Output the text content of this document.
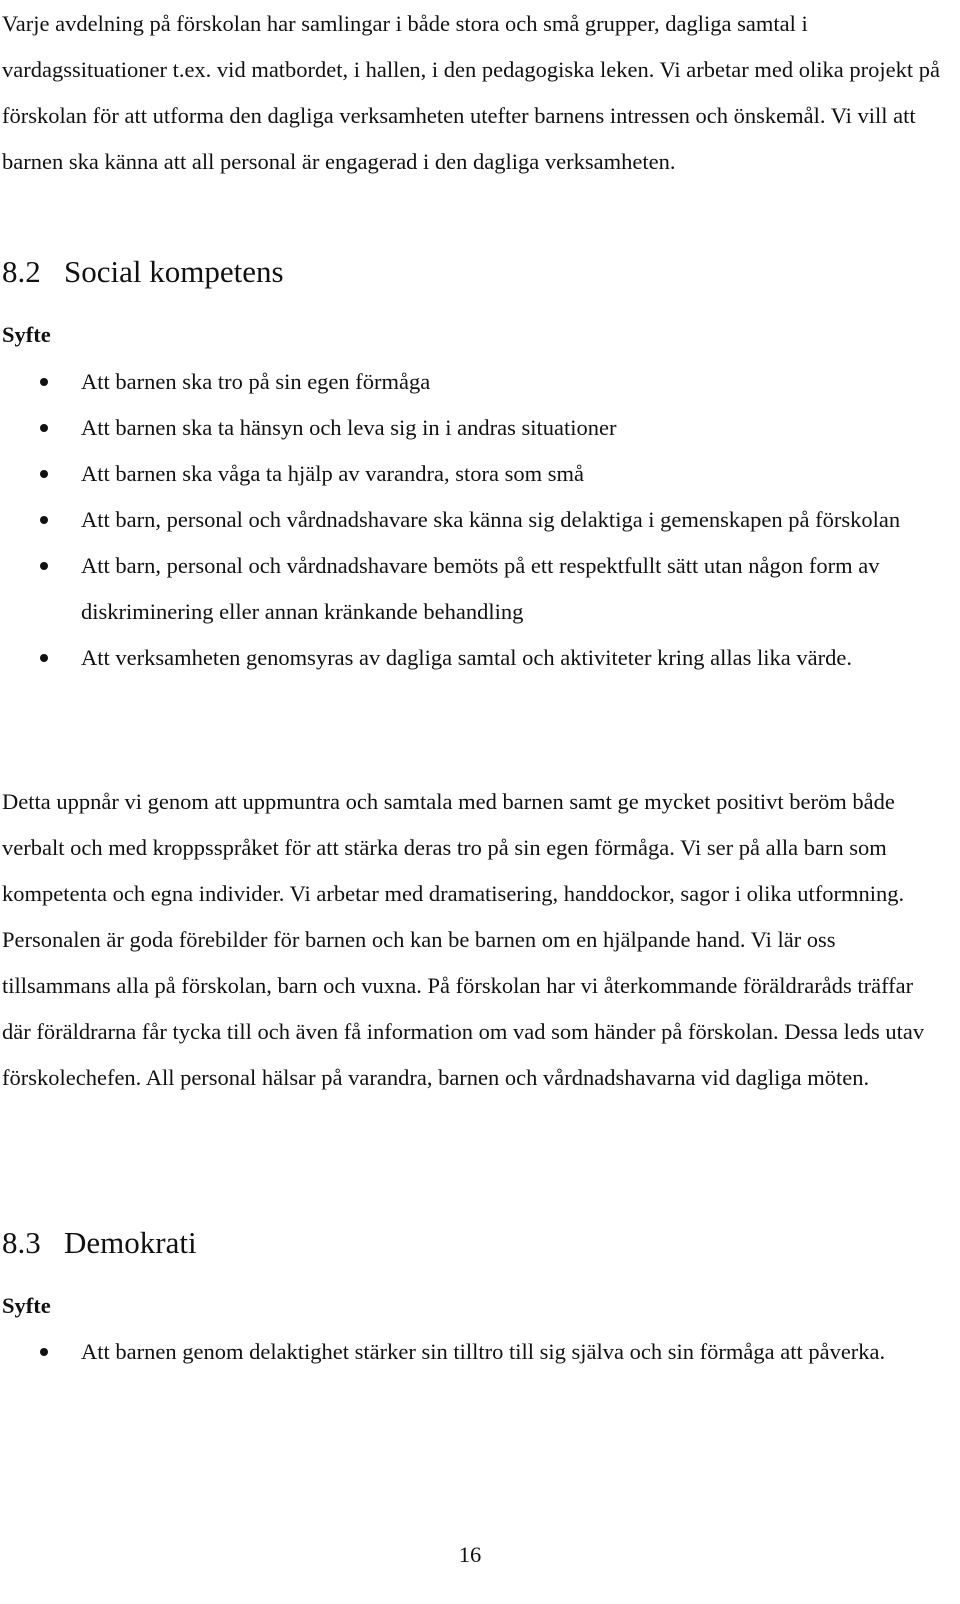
Varje avdelning på förskolan har samlingar i både stora och små grupper, dagliga samtal i vardagssituationer t.ex. vid matbordet, i hallen, i den pedagogiska leken. Vi arbetar med olika projekt på förskolan för att utforma den dagliga verksamheten utefter barnens intressen och önskemål. Vi vill att barnen ska känna att all personal är engagerad i den dagliga verksamheten.

8.2 Social kompetens
Syfte
Att barnen ska tro på sin egen förmåga
Att barnen ska ta hänsyn och leva sig in i andras situationer
Att barnen ska våga ta hjälp av varandra, stora som små
Att barn, personal och vårdnadshavare ska känna sig delaktiga i gemenskapen på förskolan
Att barn, personal och vårdnadshavare bemöts på ett respektfullt sätt utan någon form av diskriminering eller annan kränkande behandling
Att verksamheten genomsyras av dagliga samtal och aktiviteter kring allas lika värde.

Detta uppnår vi genom att uppmuntra och samtala med barnen samt ge mycket positivt beröm både verbalt och med kroppsspråket för att stärka deras tro på sin egen förmåga. Vi ser på alla barn som kompetenta och egna individer. Vi arbetar med dramatisering, handdockor, sagor i olika utformning. Personalen är goda förebilder för barnen och kan be barnen om en hjälpande hand. Vi lär oss tillsammans alla på förskolan, barn och vuxna. På förskolan har vi återkommande föräldraråds träffar där föräldrarna får tycka till och även få information om vad som händer på förskolan. Dessa leds utav förskolechefen. All personal hälsar på varandra, barnen och vårdnadshavarna vid dagliga möten.

8.3 Demokrati
Syfte
Att barnen genom delaktighet stärker sin tilltro till sig själva och sin förmåga att påverka.
16
